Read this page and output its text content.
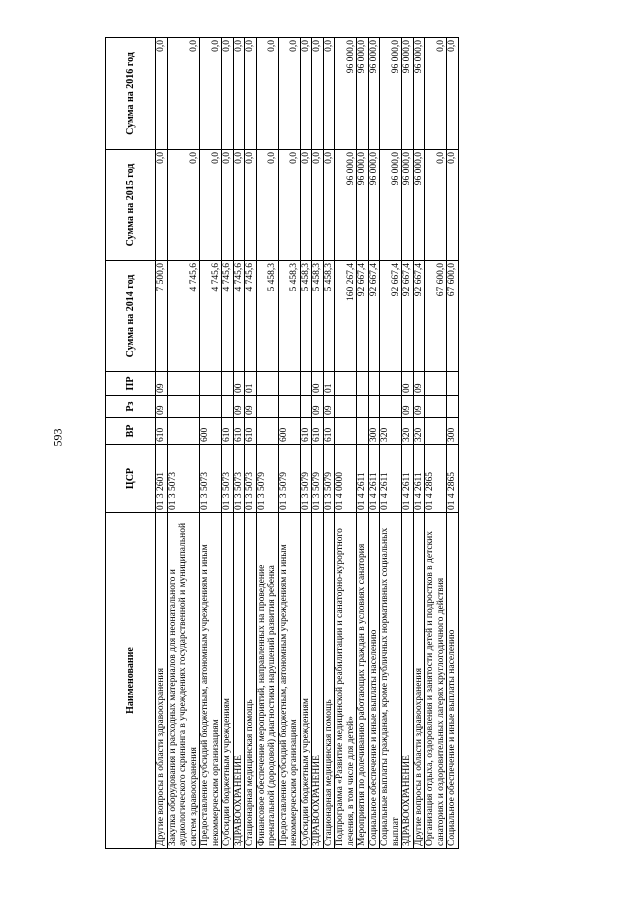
593
Наименование	ЦСР	ВР	Рз	ПР	Сумма на 2014 год	Сумма на 2015 год	Сумма на 2016 год
Другие вопросы в области здравоохранения	01 3 2601	610	09	09	7 500,0	0,0	0,0
Закупка оборудования и расходных материалов для неонатального и аудиологического скрининга в учреждениях государственной и муниципальной систем здравоохранения	01 3 5073				4 745,6	0,0	0,0
Предоставление субсидий бюджетным, автономным учреждениям и иным некоммерческим организациям	01 3 5073	600			4 745,6	0,0	0,0
Субсидии бюджетным учреждениям	01 3 5073	610			4 745,6	0,0	0,0
ЗДРАВООХРАНЕНИЕ	01 3 5073	610	09	00	4 745,6	0,0	0,0
Стационарная медицинская помощь	01 3 5073	610	09	01	4 745,6	0,0	0,0
Финансовое обеспечение мероприятий, направленных на проведение пренатальной (дородовой) диагностики нарушений развития ребенка	01 3 5079				5 458,3	0,0	0,0
Предоставление субсидий бюджетным, автономным учреждениям и иным некоммерческим организациям	01 3 5079	600			5 458,3	0,0	0,0
Субсидии бюджетным учреждениям	01 3 5079	610			5 458,3	0,0	0,0
ЗДРАВООХРАНЕНИЕ	01 3 5079	610	09	00	5 458,3	0,0	0,0
Стационарная медицинская помощь	01 3 5079	610	09	01	5 458,3	0,0	0,0
Подпрограмма «Развитие медицинской реабилитации и санаторно-курортного лечения, в том числе для детей»	01 4 0000				160 267,4	96 000,0	96 000,0
Мероприятия по долечиванию работающих граждан в условиях санатория	01 4 2611				92 667,4	96 000,0	96 000,0
Социальное обеспечение и иные выплаты населению	01 4 2611	300			92 667,4	96 000,0	96 000,0
Социальные выплаты гражданам, кроме публичных нормативных социальных выплат	01 4 2611	320			92 667,4	96 000,0	96 000,0
ЗДРАВООХРАНЕНИЕ	01 4 2611	320	09	00	92 667,4	96 000,0	96 000,0
Другие вопросы в области здравоохранения	01 4 2611	320	09	09	92 667,4	96 000,0	96 000,0
Организация отдыха, оздоровления и занятости детей и подростков в детских санаториях и оздоровительных лагерях круглогодичного действия	01 4 2865				67 600,0	0,0	0,0
Социальное обеспечение и иные выплаты населению	01 4 2865	300			67 600,0	0,0	0,0
